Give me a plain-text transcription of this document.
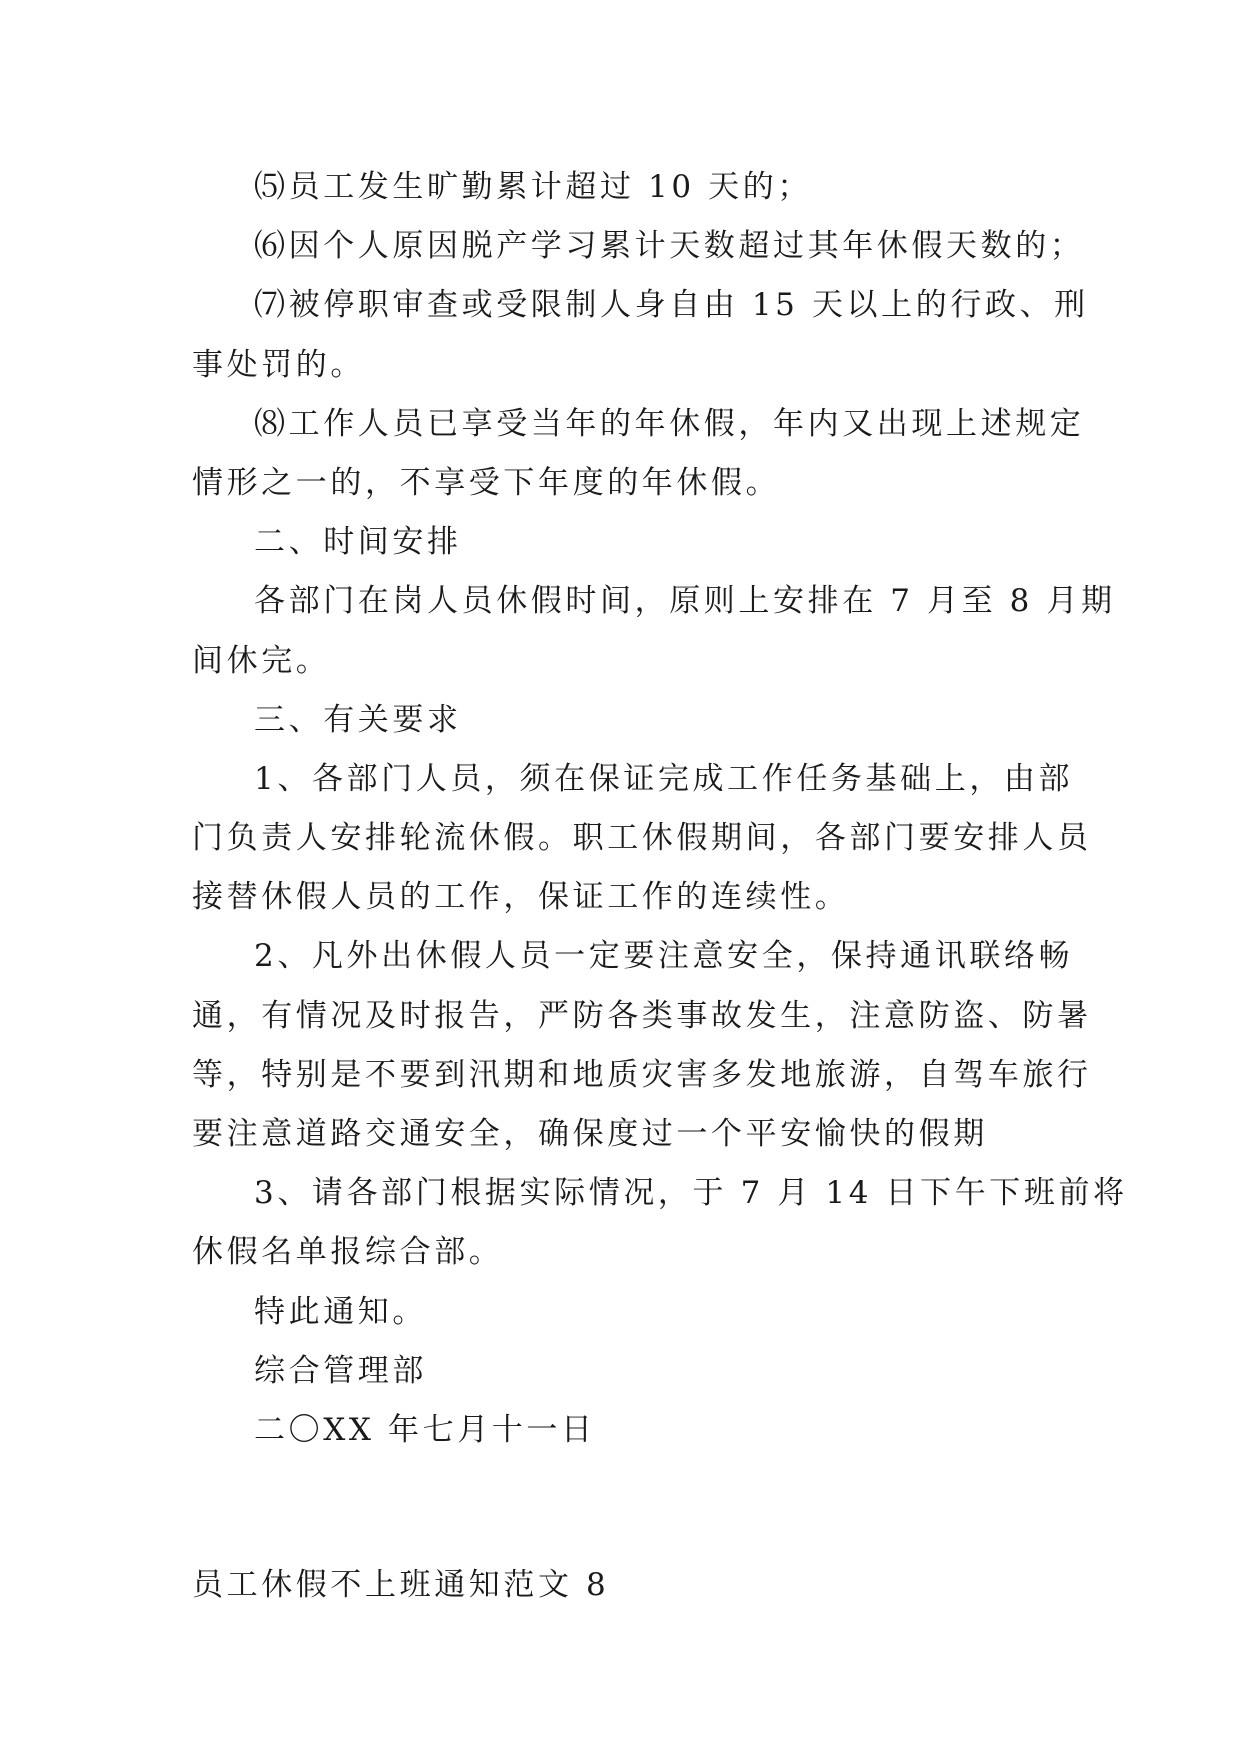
⑸员工发生旷勤累计超过 10 天的；
⑹因个人原因脱产学习累计天数超过其年休假天数的；
⑺被停职审查或受限制人身自由 15 天以上的行政、刑
事处罚的。
⑻工作人员已享受当年的年休假，年内又出现上述规定
情形之一的，不享受下年度的年休假。
二、时间安排
各部门在岗人员休假时间，原则上安排在 7 月至 8 月期
间休完。
三、有关要求
1、各部门人员，须在保证完成工作任务基础上，由部
门负责人安排轮流休假。职工休假期间，各部门要安排人员
接替休假人员的工作，保证工作的连续性。
2、凡外出休假人员一定要注意安全，保持通讯联络畅
通，有情况及时报告，严防各类事故发生，注意防盗、防暑
等，特别是不要到汛期和地质灾害多发地旅游，自驾车旅行
要注意道路交通安全，确保度过一个平安愉快的假期
3、请各部门根据实际情况，于 7 月 14 日下午下班前将
休假名单报综合部。
特此通知。
综合管理部
二〇XX 年七月十一日
员工休假不上班通知范文 8
